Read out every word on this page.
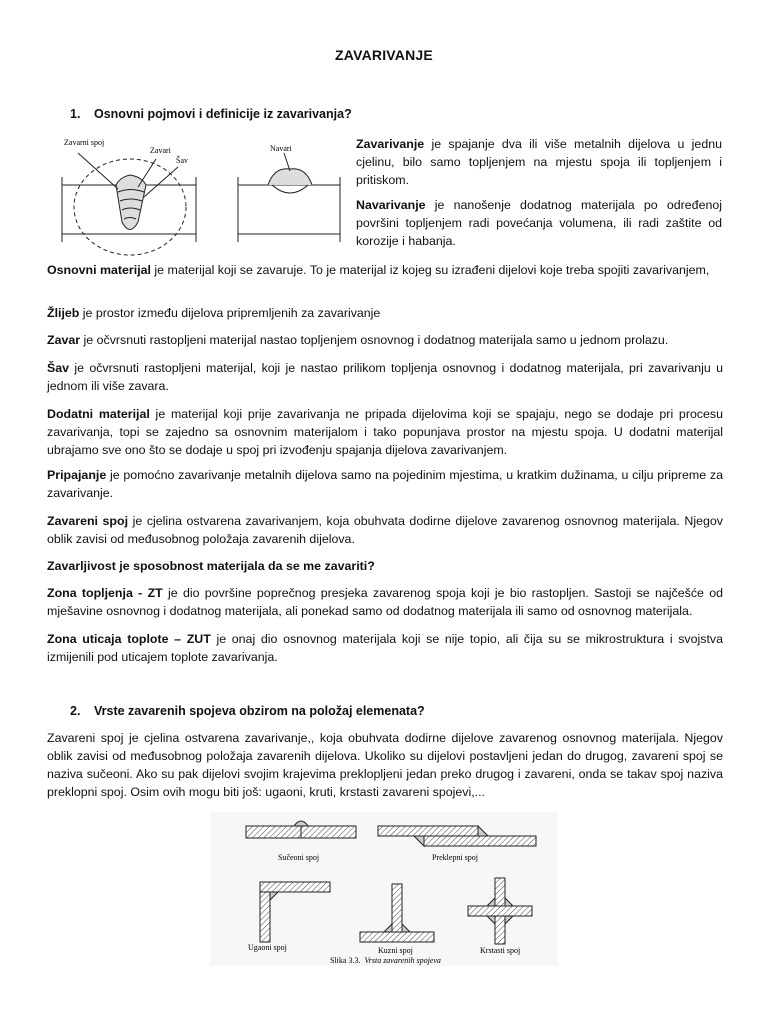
ZAVARIVANJE
1. Osnovni pojmovi i definicije iz zavarivanja?
Zavarni spoj
Zavari
Šav
Navari	Zavarivanje je spajanje dva ili više metalnih dijelova u jednu cjelinu, bilo samo topljenjem na mjestu spoja ili topljenjem i pritiskom.

Navarivanje je nanošenje dodatnog materijala po određenoj površini topljenjem radi povećanja volumena, ili radi zaštite od korozije i habanja.

Osnovni materijal je materijal koji se zavaruje. To je materijal iz kojeg su izrađeni dijelovi koje treba spojiti zavarivanjem,

Žlijeb je prostor između dijelova pripremljenih za zavarivanje

Zavar je očvrsnuti rastopljeni materijal nastao topljenjem osnovnog i dodatnog materijala samo u jednom prolazu.

Šav je očvrsnuti rastopljeni materijal, koji je nastao prilikom topljenja osnovnog i dodatnog materijala, pri zavarivanju u jednom ili više zavara.

Dodatni materijal je materijal koji prije zavarivanja ne pripada dijelovima koji se spajaju, nego se dodaje pri procesu zavarivanja, topi se zajedno sa osnovnim materijalom i tako popunjava prostor na mjestu spoja. U dodatni materijal ubrajamo sve ono što se dodaje u spoj pri izvođenju spajanja dijelova zavarivanjem.

Pripajanje je pomoćno zavarivanje metalnih dijelova samo na pojedinim mjestima, u kratkim dužinama, u cilju pripreme za zavarivanje.

Zavareni spoj je cjelina ostvarena zavarivanjem, koja obuhvata dodirne dijelove zavarenog osnovnog materijala. Njegov oblik zavisi od međusobnog položaja zavarenih dijelova.

Zavarljivost je sposobnost materijala da se me zavariti?

Zona topljenja - ZT je dio površine poprečnog presjeka zavarenog spoja koji je bio rastopljen. Sastoji se najčešće od mješavine osnovnog i dodatnog materijala, ali ponekad samo od dodatnog materijala ili samo od osnovnog materijala.

Zona uticaja toplote – ZUT je onaj dio osnovnog materijala koji se nije topio, ali čija su se mikrostruktura i svojstva izmijenili pod uticajem toplote zavarivanja.

2. Vrste zavarenih spojeva obzirom na položaj elemenata?

Zavareni spoj je cjelina ostvarena zavarivanje,, koja obuhvata dodirne dijelove zavarenog osnovnog materijala. Njegov oblik zavisi od međusobnog položaja zavarenih dijelova. Ukoliko su dijelovi postavljeni jedan do drugog, zavareni spoj se naziva sučeoni. Ako su pak dijelovi svojim krajevima preklopljeni jedan preko drugog i zavareni, onda se takav spoj naziva preklopni spoj. Osim ovih mogu biti još: ugaoni, kruti, krstasti zavareni spojevi,...

Sučeoni spoj	Preklepni spoj
Ugaoni spoj	Kuzni spoj	Krstasti spoj
Slika 3.3. Vrsta zavarenih spojeva
